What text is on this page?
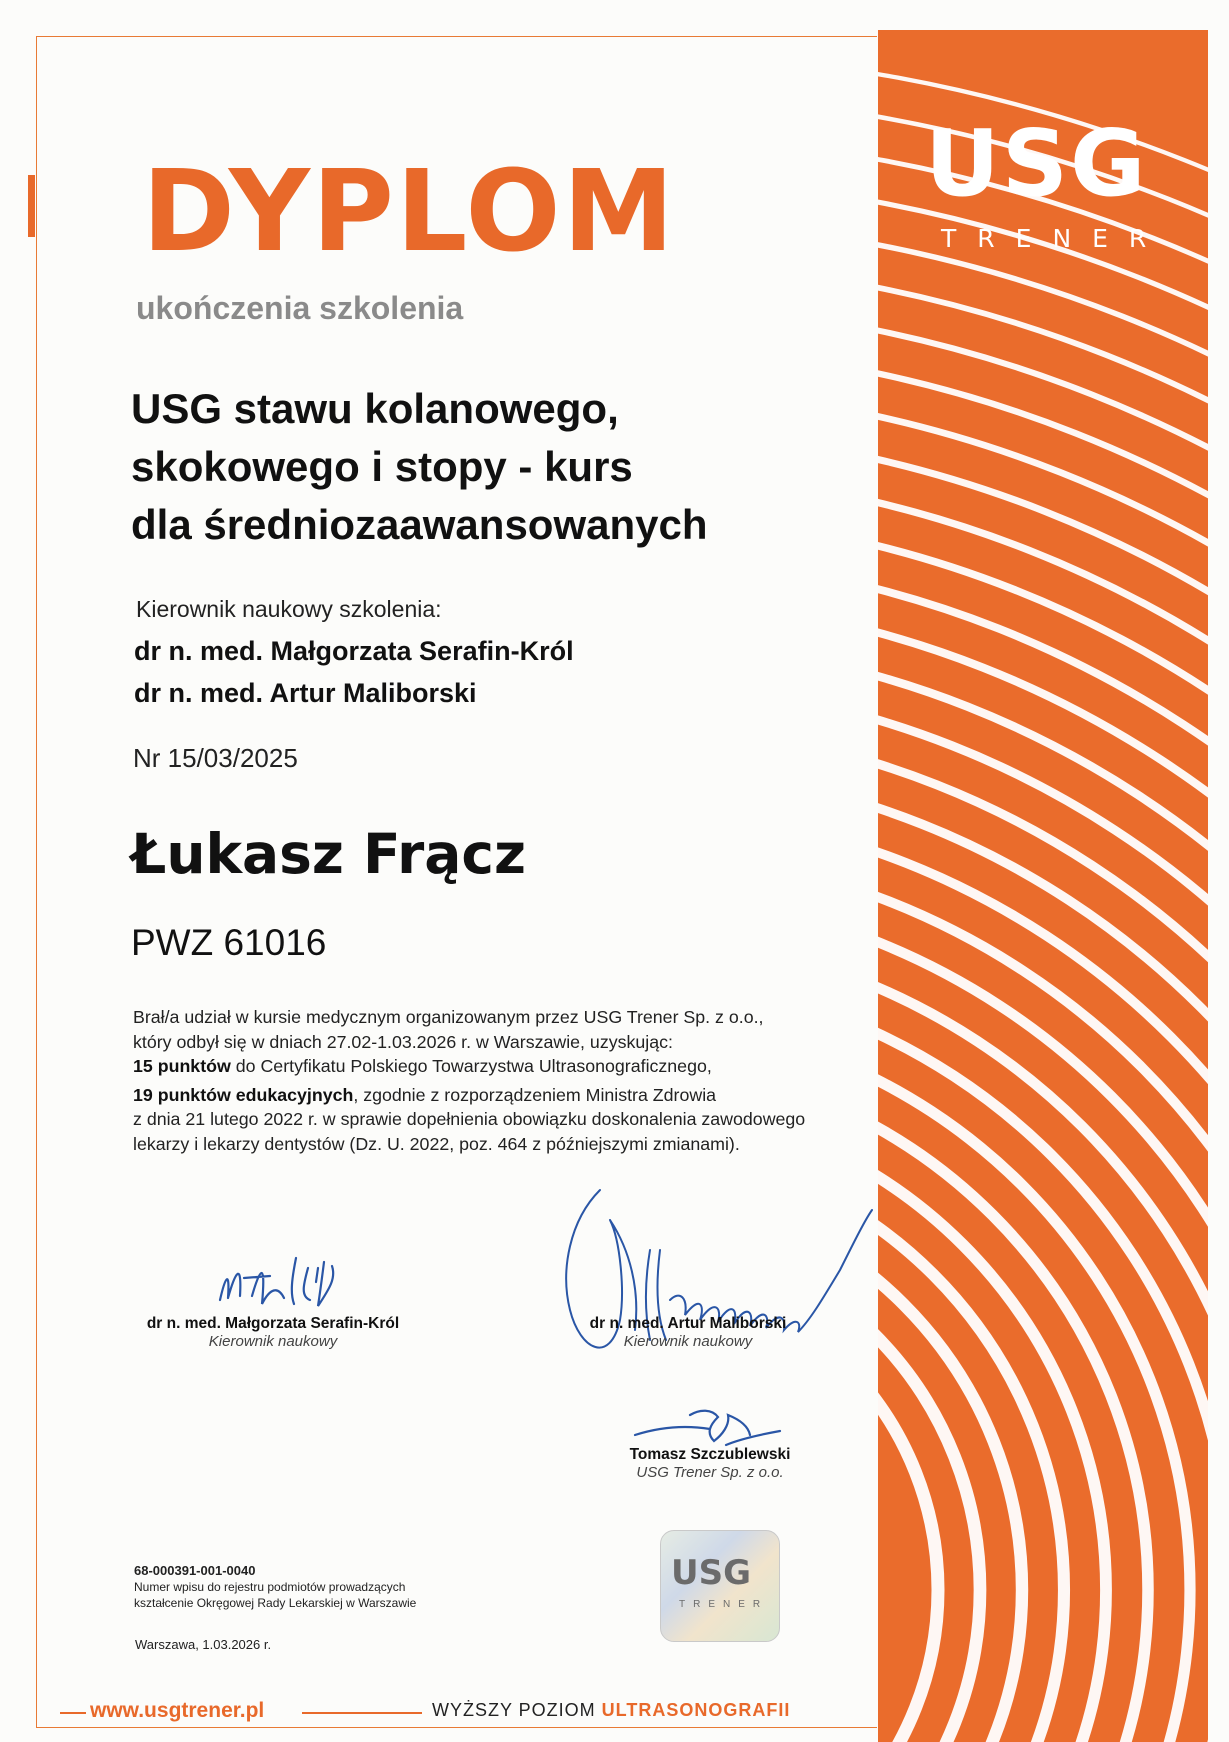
USG
TRENER
DYPLOM
ukończenia szkolenia
USG stawu kolanowego,
skokowego i stopy - kurs
dla średniozaawansowanych
Kierownik naukowy szkolenia:
dr n. med. Małgorzata Serafin-Król
dr n. med. Artur Maliborski
Nr 15/03/2025
Łukasz Frącz
PWZ 61016
Brał/a udział w kursie medycznym organizowanym przez USG Trener Sp. z o.o.,
który odbył się w dniach 27.02-1.03.2026 r. w Warszawie, uzyskując:
15 punktów do Certyfikatu Polskiego Towarzystwa Ultrasonograficznego,
19 punktów edukacyjnych, zgodnie z rozporządzeniem Ministra Zdrowia
z dnia 21 lutego 2022 r. w sprawie dopełnienia obowiązku doskonalenia zawodowego
lekarzy i lekarzy dentystów (Dz. U. 2022, poz. 464 z późniejszymi zmianami).
dr n. med. Małgorzata Serafin-Król
Kierownik naukowy
dr n. med. Artur Maliborski
Kierownik naukowy
Tomasz Szczublewski
USG Trener Sp. z o.o.
68-000391-001-0040
Numer wpisu do rejestru podmiotów prowadzących
kształcenie Okręgowej Rady Lekarskiej w Warszawie
Warszawa, 1.03.2026 r.
USG
TRENER
www.usgtrener.pl	WYŻSZY POZIOM ULTRASONOGRAFII
